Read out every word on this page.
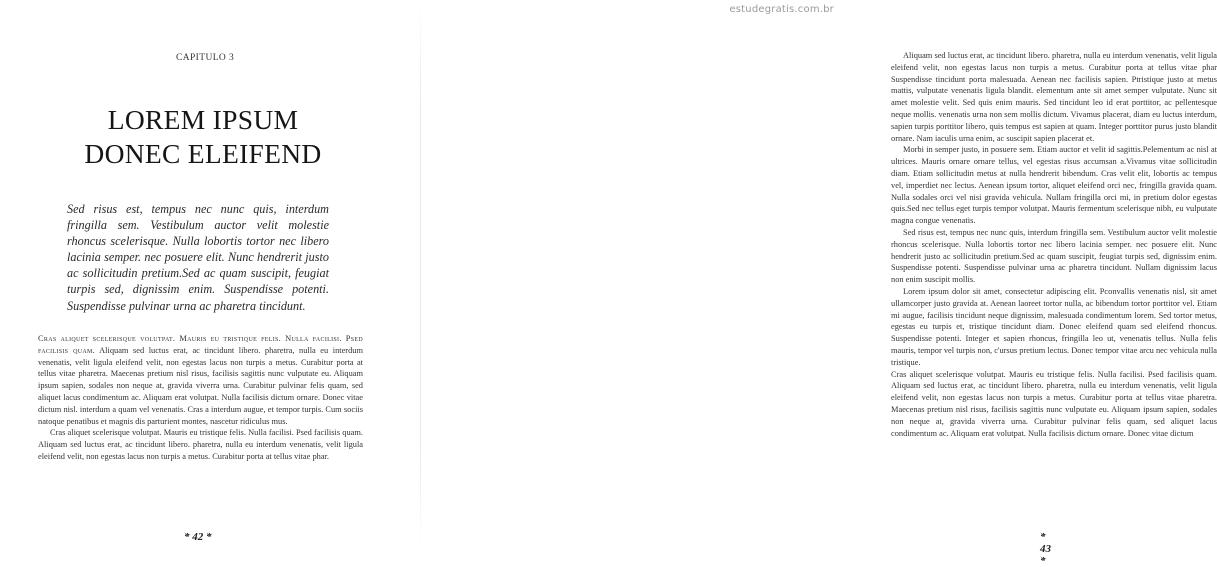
estudegratis.com.br
CAPITULO 3
LOREM IPSUM
DONEC ELEIFEND

Sed risus est, tempus nec nunc quis, interdum fringilla sem. Vestibulum auctor velit molestie rhoncus scelerisque. Nulla lobortis tortor nec libero lacinia semper. nec posuere elit. Nunc hendrerit justo ac sollicitudin pretium.Sed ac quam suscipit, feugiat turpis sed, dignissim enim. Suspendisse potenti. Suspendisse pulvinar urna ac pharetra tincidunt.

Cras aliquet scelerisque volutpat. Mauris eu tristique felis. Nulla facilisi. Psed facilisis quam. Aliquam sed luctus erat, ac tincidunt libero. pharetra, nulla eu interdum venenatis, velit ligula eleifend velit, non egestas lacus non turpis a metus. Curabitur porta at tellus vitae pharetra. Maecenas pretium nisl risus, facilisis sagittis nunc vulputate eu. Aliquam ipsum sapien, sodales non neque at, gravida viverra urna. Curabitur pulvinar felis quam, sed aliquet lacus condimentum ac. Aliquam erat volutpat. Nulla facilisis dictum ornare. Donec vitae dictum nisl. interdum a quam vel venenatis. Cras a interdum augue, et tempor turpis. Cum sociis natoque penatibus et magnis dis parturient montes, nascetur ridiculus mus.

Cras aliquet scelerisque volutpat. Mauris eu tristique felis. Nulla facilisi. Psed facilisis quam. Aliquam sed luctus erat, ac tincidunt libero. pharetra, nulla eu interdum venenatis, velit ligula eleifend velit, non egestas lacus non turpis a metus. Curabitur porta at tellus vitae phar.

* 42 *

Aliquam sed luctus erat, ac tincidunt libero. pharetra, nulla eu interdum venenatis, velit ligula eleifend velit, non egestas lacus non turpis a metus. Curabitur porta at tellus vitae phar Suspendisse tincidunt porta malesuada. Aenean nec facilisis sapien. Ptristique justo at metus mattis, vulputate venenatis ligula blandit. elementum ante sit amet semper vulputate. Nunc sit amet molestie velit. Sed quis enim mauris. Sed tincidunt leo id erat porttitor, ac pellentesque neque mollis. venenatis urna non sem mollis dictum. Vivamus placerat, diam eu luctus interdum, sapien turpis porttitor libero, quis tempus est sapien at quam. Integer porttitor purus justo blandit ornare. Nam iaculis urna enim, ac suscipit sapien placerat et.

Morbi in semper justo, in posuere sem. Etiam auctor et velit id sagittis.Pelementum ac nisl at ultrices. Mauris ornare ornare tellus, vel egestas risus accumsan a.Vivamus vitae sollicitudin diam. Etiam sollicitudin metus at nulla hendrerit bibendum. Cras velit elit, lobortis ac tempus vel, imperdiet nec lectus. Aenean ipsum tortor, aliquet eleifend orci nec, fringilla gravida quam. Nulla sodales orci vel nisi gravida vehicula. Nullam fringilla orci mi, in pretium dolor egestas quis.Sed nec tellus eget turpis tempor volutpat. Mauris fermentum scelerisque nibh, eu vulputate magna congue venenatis.

Sed risus est, tempus nec nunc quis, interdum fringilla sem. Vestibulum auctor velit molestie rhoncus scelerisque. Nulla lobortis tortor nec libero lacinia semper. nec posuere elit. Nunc hendrerit justo ac sollicitudin pretium.Sed ac quam suscipit, feugiat turpis sed, dignissim enim. Suspendisse potenti. Suspendisse pulvinar urna ac pharetra tincidunt. Nullam dignissim lacus non enim suscipit mollis.

Lorem ipsum dolor sit amet, consectetur adipiscing elit. Pconvallis venenatis nisl, sit amet ullamcorper justo gravida at. Aenean laoreet tortor nulla, ac bibendum tortor porttitor vel. Etiam mi augue, facilisis tincidunt neque dignissim, malesuada condimentum lorem. Sed tortor metus, egestas eu turpis et, tristique tincidunt diam. Donec eleifend quam sed eleifend rhoncus. Suspendisse potenti. Integer et sapien rhoncus, fringilla leo ut, venenatis tellus. Nulla felis mauris, tempor vel turpis non, c'ursus pretium lectus. Donec tempor vitae arcu nec vehicula nulla tristique.

Cras aliquet scelerisque volutpat. Mauris eu tristique felis. Nulla facilisi. Psed facilisis quam. Aliquam sed luctus erat, ac tincidunt libero. pharetra, nulla eu interdum venenatis, velit ligula eleifend velit, non egestas lacus non turpis a metus. Curabitur porta at tellus vitae pharetra. Maecenas pretium nisl risus, facilisis sagittis nunc vulputate eu. Aliquam ipsum sapien, sodales non neque at, gravida viverra urna. Curabitur pulvinar felis quam, sed aliquet lacus condimentum ac. Aliquam erat volutpat. Nulla facilisis dictum ornare. Donec vitae dictum

* 43 *
